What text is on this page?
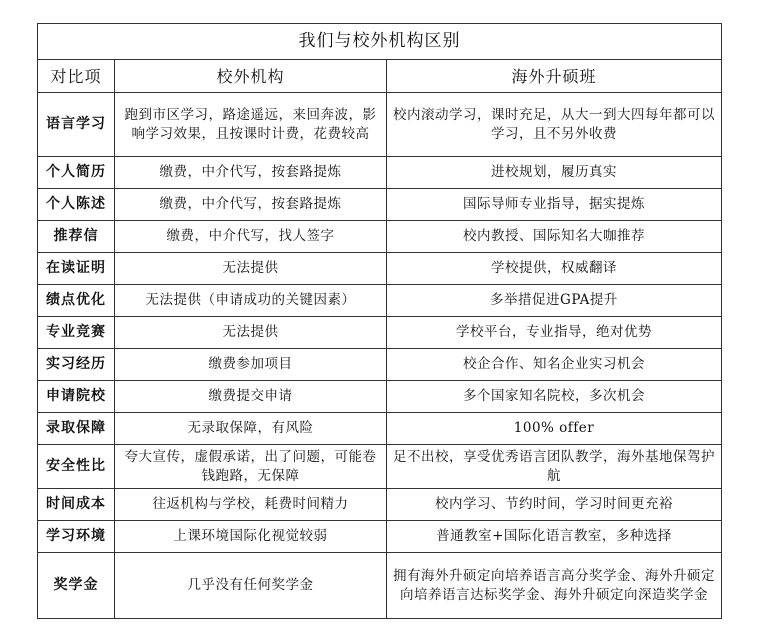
我们与校外机构区别		
对比项	校外机构	海外升硕班
语言学习	跑到市区学习，路途遥远，来回奔波，影响学习效果，且按课时计费，花费较高	校内滚动学习，课时充足，从大一到大四每年都可以学习，且不另外收费
个人简历	缴费，中介代写，按套路提炼	进校规划，履历真实
个人陈述	缴费，中介代写，按套路提炼	国际导师专业指导，据实提炼
推荐信	缴费，中介代写，找人签字	校内教授、国际知名大咖推荐
在读证明	无法提供	学校提供，权威翻译
绩点优化	无法提供（申请成功的关键因素）	多举措促进GPA提升
专业竞赛	无法提供	学校平台，专业指导，绝对优势
实习经历	缴费参加项目	校企合作、知名企业实习机会
申请院校	缴费提交申请	多个国家知名院校，多次机会
录取保障	无录取保障，有风险	100% offer
安全性比	夸大宣传，虚假承诺，出了问题，可能卷钱跑路，无保障	足不出校，享受优秀语言团队教学，海外基地保驾护航
时间成本	往返机构与学校，耗费时间精力	校内学习、节约时间，学习时间更充裕
学习环境	上课环境国际化视觉较弱	普通教室+国际化语言教室，多种选择
奖学金	几乎没有任何奖学金	拥有海外升硕定向培养语言高分奖学金、海外升硕定向培养语言达标奖学金、海外升硕定向深造奖学金
